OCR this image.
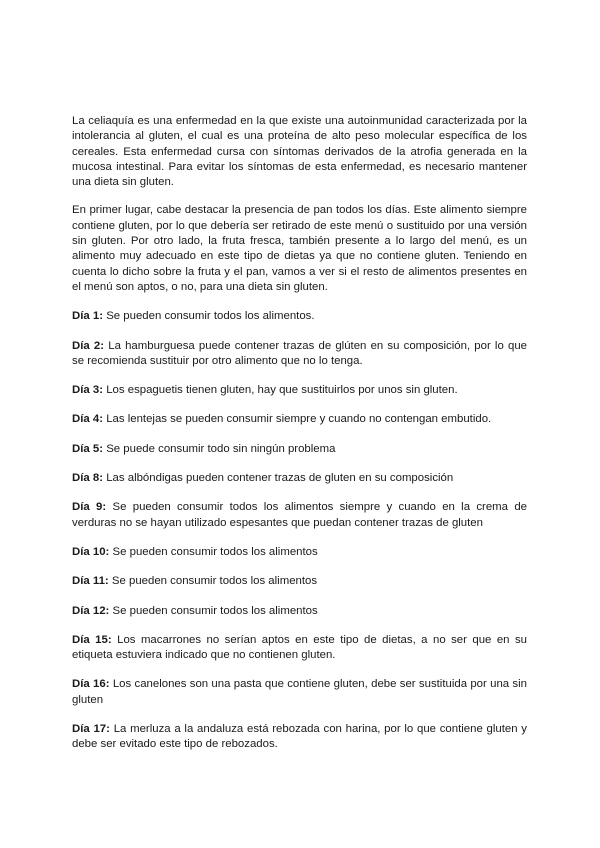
La celiaquía es una enfermedad en la que existe una autoinmunidad caracterizada por la intolerancia al gluten, el cual es una proteína de alto peso molecular específica de los cereales. Esta enfermedad cursa con síntomas derivados de la atrofia generada en la mucosa intestinal. Para evitar los síntomas de esta enfermedad, es necesario mantener una dieta sin gluten.

En primer lugar, cabe destacar la presencia de pan todos los días. Este alimento siempre contiene gluten, por lo que debería ser retirado de este menú o sustituido por una versión sin gluten. Por otro lado, la fruta fresca, también presente a lo largo del menú, es un alimento muy adecuado en este tipo de dietas ya que no contiene gluten. Teniendo en cuenta lo dicho sobre la fruta y el pan, vamos a ver si el resto de alimentos presentes en el menú son aptos, o no, para una dieta sin gluten.

Día 1: Se pueden consumir todos los alimentos.

Día 2: La hamburguesa puede contener trazas de glúten en su composición, por lo que se recomienda sustituir por otro alimento que no lo tenga.

Día 3: Los espaguetis tienen gluten, hay que sustituirlos por unos sin gluten.

Día 4: Las lentejas se pueden consumir siempre y cuando no contengan embutido.

Día 5: Se puede consumir todo sin ningún problema

Día 8: Las albóndigas pueden contener trazas de gluten en su composición

Día 9: Se pueden consumir todos los alimentos siempre y cuando en la crema de verduras no se hayan utilizado espesantes que puedan contener trazas de gluten

Día 10: Se pueden consumir todos los alimentos

Día 11: Se pueden consumir todos los alimentos

Día 12: Se pueden consumir todos los alimentos

Día 15: Los macarrones no serían aptos en este tipo de dietas, a no ser que en su etiqueta estuviera indicado que no contienen gluten.

Día 16: Los canelones son una pasta que contiene gluten, debe ser sustituida por una sin gluten

Día 17: La merluza a la andaluza está rebozada con harina, por lo que contiene gluten y debe ser evitado este tipo de rebozados.
